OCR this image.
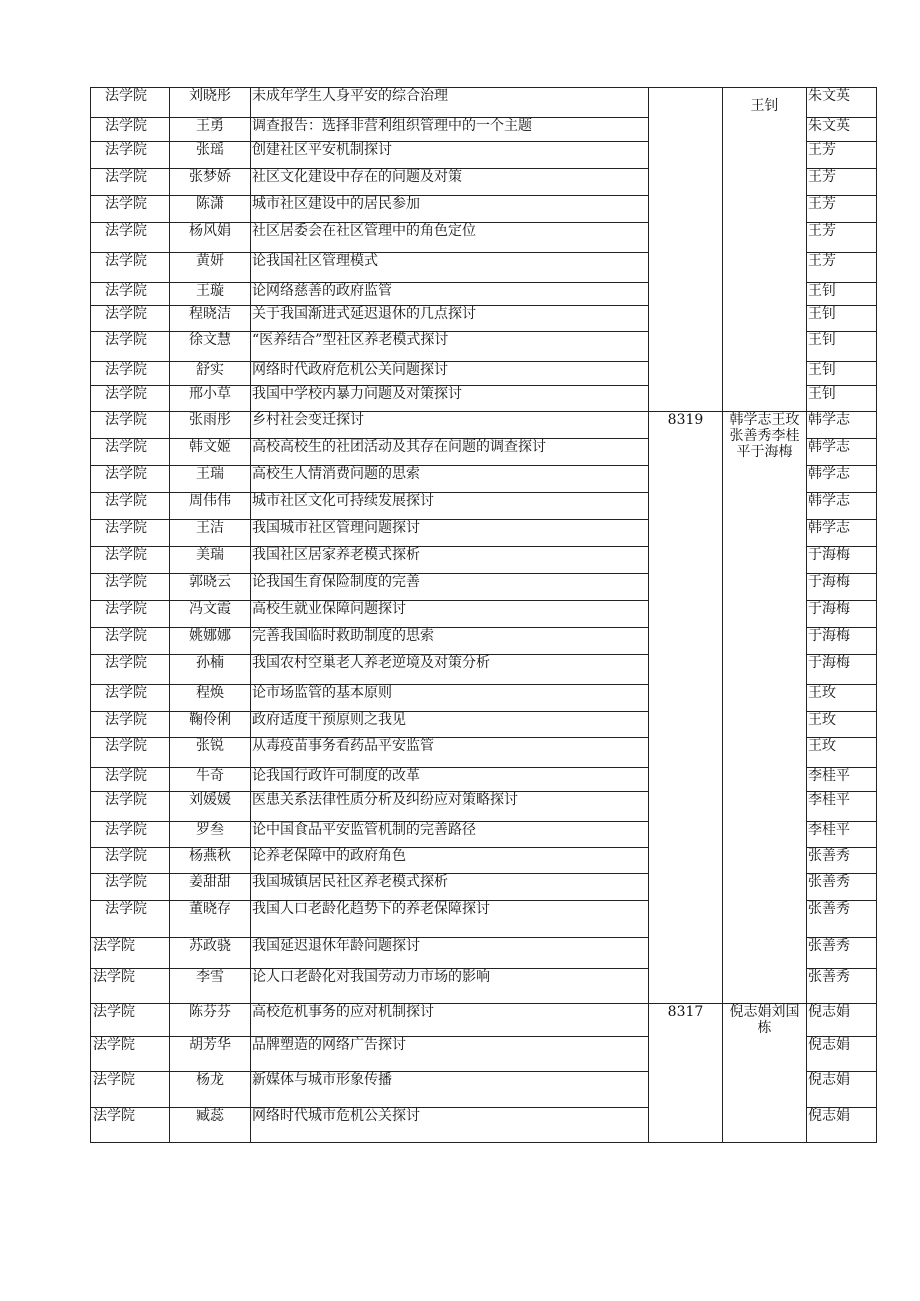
法学院	刘晓彤	未成年学生人身平安的综合治理		王钊	朱文英
法学院	王勇	调查报告：选择非营利组织管理中的一个主题			朱文英
法学院	张瑶	创建社区平安机制探讨			王芳
法学院	张梦娇	社区文化建设中存在的问题及对策			王芳
法学院	陈潇	城市社区建设中的居民参加			王芳
法学院	杨风娟	社区居委会在社区管理中的角色定位			王芳
法学院	黄妍	论我国社区管理模式			王芳
法学院	王璇	论网络慈善的政府监管			王钊
法学院	程晓洁	关于我国渐进式延迟退休的几点探讨			王钊
法学院	徐文慧	“医养结合”型社区养老模式探讨			王钊
法学院	舒实	网络时代政府危机公关问题探讨			王钊
法学院	邢小草	我国中学校内暴力问题及对策探讨			王钊
法学院	张雨彤	乡村社会变迁探讨	8319	韩学志王玫张善秀李桂平于海梅	韩学志
法学院	韩文姬	高校高校生的社团活动及其存在问题的调查探讨			韩学志
法学院	王瑞	高校生人情消费问题的思索			韩学志
法学院	周伟伟	城市社区文化可持续发展探讨			韩学志
法学院	王洁	我国城市社区管理问题探讨			韩学志
法学院	美瑞	我国社区居家养老模式探析			于海梅
法学院	郭晓云	论我国生育保险制度的完善			于海梅
法学院	冯文霞	高校生就业保障问题探讨			于海梅
法学院	姚娜娜	完善我国临时救助制度的思索			于海梅
法学院	孙楠	我国农村空巢老人养老逆境及对策分析			于海梅
法学院	程焕	论市场监管的基本原则			王玫
法学院	鞠伶俐	政府适度干预原则之我见			王玫
法学院	张锐	从毒疫苗事务看药品平安监管			王玫
法学院	牛奇	论我国行政许可制度的改革			李桂平
法学院	刘媛媛	医患关系法律性质分析及纠纷应对策略探讨			李桂平
法学院	罗叁	论中国食品平安监管机制的完善路径			李桂平
法学院	杨燕秋	论养老保障中的政府角色			张善秀
法学院	姜甜甜	我国城镇居民社区养老模式探析			张善秀
法学院	董晓存	我国人口老龄化趋势下的养老保障探讨			张善秀
法学院	苏政骁	我国延迟退休年龄问题探讨			张善秀
法学院	李雪	论人口老龄化对我国劳动力市场的影响			张善秀
法学院	陈芬芬	高校危机事务的应对机制探讨	8317	倪志娟刘国栋	倪志娟
法学院	胡芳华	品牌塑造的网络广告探讨			倪志娟
法学院	杨龙	新媒体与城市形象传播			倪志娟
法学院	臧蕊	网络时代城市危机公关探讨			倪志娟
